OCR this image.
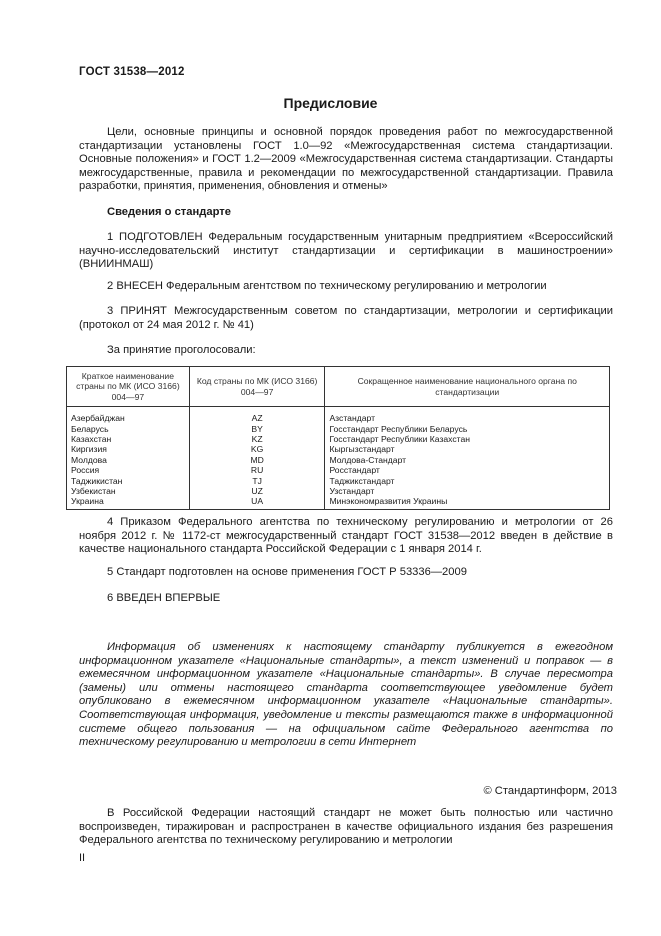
ГОСТ 31538—2012
Предисловие

Цели, основные принципы и основной порядок проведения работ по межгосударственной стандартизации установлены ГОСТ 1.0—92 «Межгосударственная система стандартизации. Основные положения» и ГОСТ 1.2—2009 «Межгосударственная система стандартизации. Стандарты межгосударственные, правила и рекомендации по межгосударственной стандартизации. Правила разработки, принятия, применения, обновления и отмены»

Сведения о стандарте

1 ПОДГОТОВЛЕН Федеральным государственным унитарным предприятием «Всероссийский научно-исследовательский институт стандартизации и сертификации в машиностроении» (ВНИИНМАШ)

2 ВНЕСЕН Федеральным агентством по техническому регулированию и метрологии

3 ПРИНЯТ Межгосударственным советом по стандартизации, метрологии и сертификации (протокол от 24 мая 2012 г. № 41)

За принятие проголосовали:
Краткое наименование страны по МК (ИСО 3166) 004—97	Код страны по МК (ИСО 3166) 004—97	Сокращенное наименование национального органа по стандартизации
Азербайджан	AZ	Азстандарт
Беларусь	BY	Госстандарт Республики Беларусь
Казахстан	KZ	Госстандарт Республики Казахстан
Киргизия	KG	Кыргызстандарт
Молдова	MD	Молдова-Стандарт
Россия	RU	Росстандарт
Таджикистан	TJ	Таджикстандарт
Узбекистан	UZ	Узстандарт
Украина	UA	Минэкономразвития Украины

4 Приказом Федерального агентства по техническому регулированию и метрологии от 26 ноября 2012 г. № 1172-ст межгосударственный стандарт ГОСТ 31538—2012 введен в действие в качестве национального стандарта Российской Федерации с 1 января 2014 г.

5 Стандарт подготовлен на основе применения ГОСТ Р 53336—2009

6 ВВЕДЕН ВПЕРВЫЕ

Информация об изменениях к настоящему стандарту публикуется в ежегодном информационном указателе «Национальные стандарты», а текст изменений и поправок — в ежемесячном информационном указателе «Национальные стандарты». В случае пересмотра (замены) или отмены настоящего стандарта соответствующее уведомление будет опубликовано в ежемесячном информационном указателе «Национальные стандарты». Соответствующая информация, уведомление и тексты размещаются также в информационной системе общего пользования — на официальном сайте Федерального агентства по техническому регулированию и метрологии в сети Интернет

© Стандартинформ, 2013

В Российской Федерации настоящий стандарт не может быть полностью или частично воспроизведен, тиражирован и распространен в качестве официального издания без разрешения Федерального агентства по техническому регулированию и метрологии

II
